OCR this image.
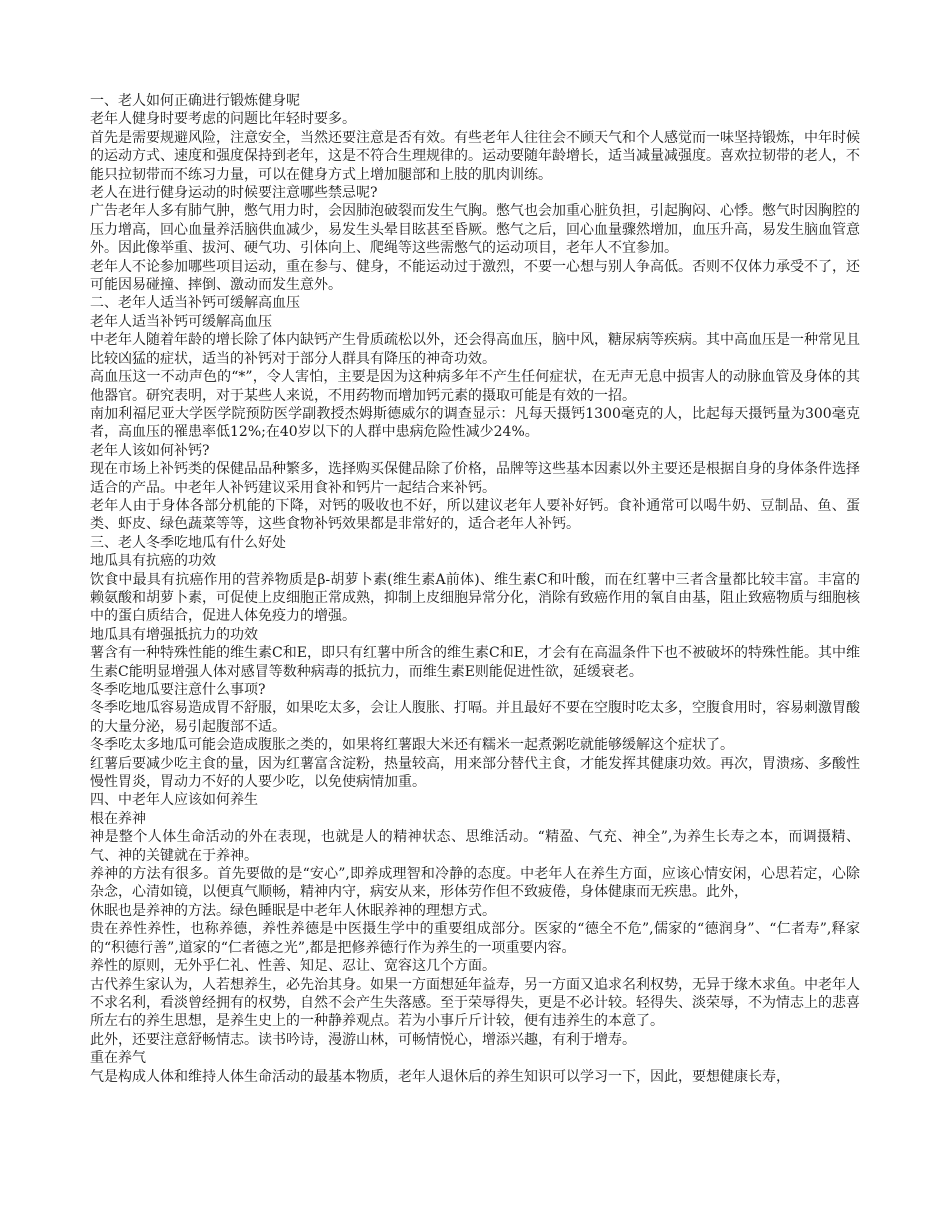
一、老人如何正确进行锻炼健身呢

老年人健身时要考虑的问题比年轻时要多。

首先是需要规避风险，注意安全，当然还要注意是否有效。有些老年人往往会不顾天气和个人感觉而一味坚持锻炼，中年时候的运动方式、速度和强度保持到老年，这是不符合生理规律的。运动要随年龄增长，适当减量减强度。喜欢拉韧带的老人，不能只拉韧带而不练习力量，可以在健身方式上增加腿部和上肢的肌肉训练。

老人在进行健身运动的时候要注意哪些禁忌呢?

广告老年人多有肺气肿，憋气用力时，会因肺泡破裂而发生气胸。憋气也会加重心脏负担，引起胸闷、心悸。憋气时因胸腔的压力增高，回心血量养活脑供血减少，易发生头晕目眩甚至昏厥。憋气之后，回心血量骤然增加，血压升高，易发生脑血管意外。因此像举重、拔河、硬气功、引体向上、爬绳等这些需憋气的运动项目，老年人不宜参加。

老年人不论参加哪些项目运动，重在参与、健身，不能运动过于激烈，不要一心想与别人争高低。否则不仅体力承受不了，还可能因易碰撞、摔倒、激动而发生意外。

二、老年人适当补钙可缓解高血压

老年人适当补钙可缓解高血压

中老年人随着年龄的增长除了体内缺钙产生骨质疏松以外，还会得高血压，脑中风，糖尿病等疾病。其中高血压是一种常见且比较凶猛的症状，适当的补钙对于部分人群具有降压的神奇功效。

高血压这一不动声色的“*”，令人害怕，主要是因为这种病多年不产生任何症状，在无声无息中损害人的动脉血管及身体的其他器官。研究表明，对于某些人来说，不用药物而增加钙元素的摄取可能是有效的一招。

南加利福尼亚大学医学院预防医学副教授杰姆斯德威尔的调查显示：凡每天摄钙1300毫克的人，比起每天摄钙量为300毫克者，高血压的罹患率低12%;在40岁以下的人群中患病危险性减少24%。

老年人该如何补钙?

现在市场上补钙类的保健品品种繁多，选择购买保健品除了价格，品牌等这些基本因素以外主要还是根据自身的身体条件选择适合的产品。中老年人补钙建议采用食补和钙片一起结合来补钙。

老年人由于身体各部分机能的下降，对钙的吸收也不好，所以建议老年人要补好钙。食补通常可以喝牛奶、豆制品、鱼、蛋类、虾皮、绿色蔬菜等等，这些食物补钙效果都是非常好的，适合老年人补钙。

三、老人冬季吃地瓜有什么好处

地瓜具有抗癌的功效

饮食中最具有抗癌作用的营养物质是β-胡萝卜素(维生素A前体)、维生素C和叶酸，而在红薯中三者含量都比较丰富。丰富的赖氨酸和胡萝卜素，可促使上皮细胞正常成熟，抑制上皮细胞异常分化，消除有致癌作用的氧自由基，阻止致癌物质与细胞核中的蛋白质结合，促进人体免疫力的增强。

地瓜具有增强抵抗力的功效

薯含有一种特殊性能的维生素C和E，即只有红薯中所含的维生素C和E，才会有在高温条件下也不被破坏的特殊性能。其中维生素C能明显增强人体对感冒等数种病毒的抵抗力，而维生素E则能促进性欲，延缓衰老。

冬季吃地瓜要注意什么事项?

冬季吃地瓜容易造成胃不舒服，如果吃太多，会让人腹胀、打嗝。并且最好不要在空腹时吃太多，空腹食用时，容易刺激胃酸的大量分泌，易引起腹部不适。

冬季吃太多地瓜可能会造成腹胀之类的，如果将红薯跟大米还有糯米一起煮粥吃就能够缓解这个症状了。

红薯后要减少吃主食的量，因为红薯富含淀粉，热量较高，用来部分替代主食，才能发挥其健康功效。再次，胃溃疡、多酸性慢性胃炎，胃动力不好的人要少吃，以免使病情加重。

四、中老年人应该如何养生

根在养神

神是整个人体生命活动的外在表现，也就是人的精神状态、思维活动。“精盈、气充、神全”,为养生长寿之本，而调摄精、气、神的关键就在于养神。

养神的方法有很多。首先要做的是“安心”,即养成理智和冷静的态度。中老年人在养生方面，应该心情安闲，心思若定，心除杂念，心清如镜，以便真气顺畅，精神内守，病安从来，形体劳作但不致疲倦，身体健康而无疾患。此外，

休眠也是养神的方法。绿色睡眠是中老年人休眠养神的理想方式。

贵在养性养性，也称养德，养性养德是中医摄生学中的重要组成部分。医家的“德全不危”,儒家的“德润身”、“仁者寿”,释家的“积德行善”,道家的“仁者德之光”,都是把修养德行作为养生的一项重要内容。

养性的原则，无外乎仁礼、性善、知足、忍让、宽容这几个方面。

古代养生家认为，人若想养生，必先治其身。如果一方面想延年益寿，另一方面又追求名利权势，无异于缘木求鱼。中老年人不求名利，看淡曾经拥有的权势，自然不会产生失落感。至于荣辱得失，更是不必计较。轻得失、淡荣辱，不为情志上的悲喜所左右的养生思想，是养生史上的一种静养观点。若为小事斤斤计较，便有违养生的本意了。

此外，还要注意舒畅情志。读书吟诗，漫游山林，可畅情悦心，增添兴趣，有利于增寿。

重在养气

气是构成人体和维持人体生命活动的最基本物质，老年人退休后的养生知识可以学习一下，因此，要想健康长寿，
